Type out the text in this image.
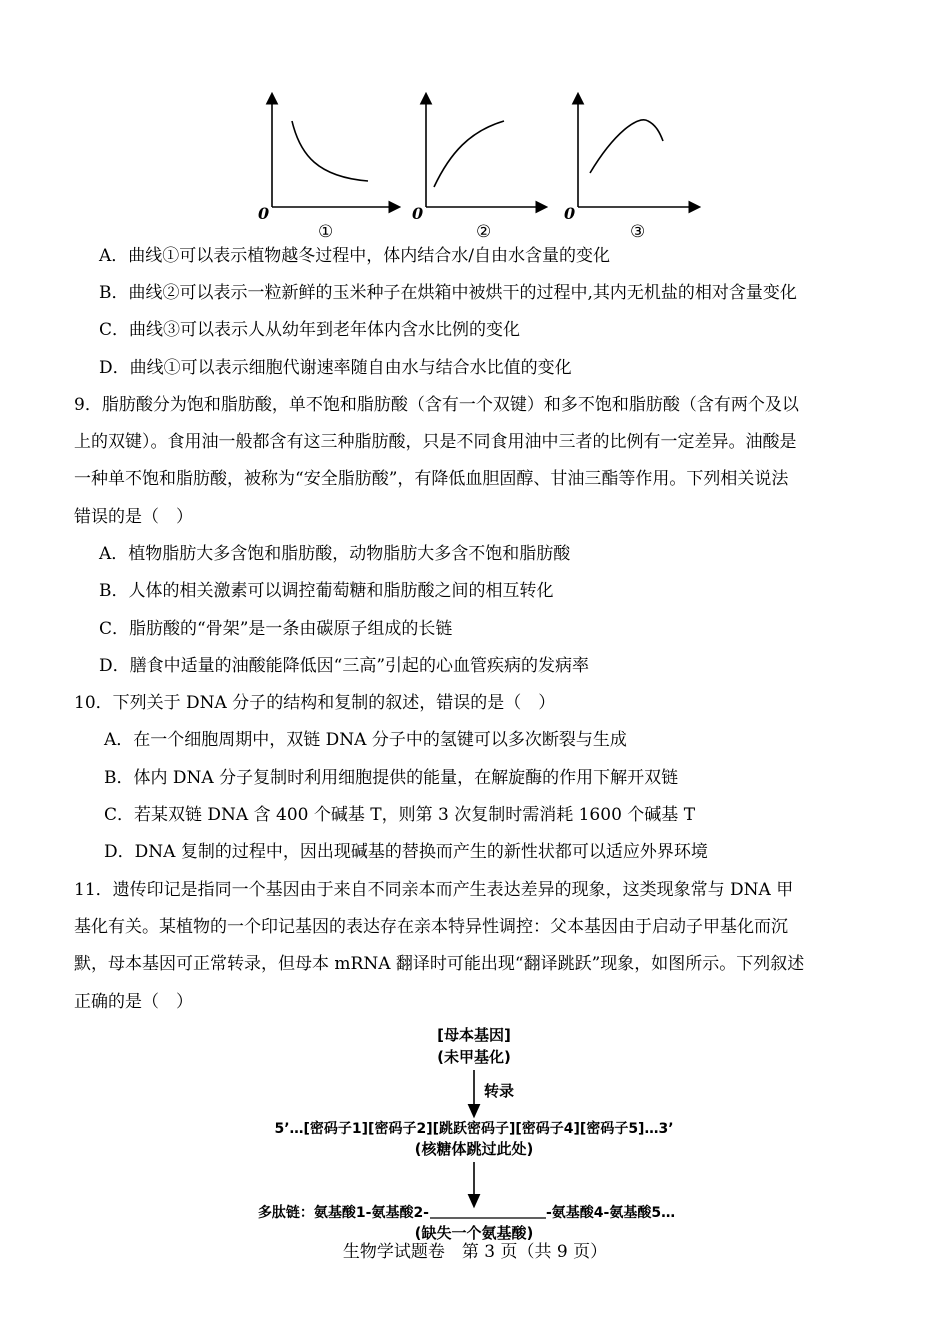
0
①
0
②
0
③
A．曲线①可以表示植物越冬过程中，体内结合水/自由水含量的变化
B．曲线②可以表示一粒新鲜的玉米种子在烘箱中被烘干的过程中,其内无机盐的相对含量变化
C．曲线③可以表示人从幼年到老年体内含水比例的变化
D．曲线①可以表示细胞代谢速率随自由水与结合水比值的变化
9．脂肪酸分为饱和脂肪酸，单不饱和脂肪酸（含有一个双键）和多不饱和脂肪酸（含有两个及以
上的双键）。食用油一般都含有这三种脂肪酸，只是不同食用油中三者的比例有一定差异。油酸是
一种单不饱和脂肪酸，被称为“安全脂肪酸”，有降低血胆固醇、甘油三酯等作用。下列相关说法
错误的是（　）
A．植物脂肪大多含饱和脂肪酸，动物脂肪大多含不饱和脂肪酸
B．人体的相关激素可以调控葡萄糖和脂肪酸之间的相互转化
C．脂肪酸的“骨架”是一条由碳原子组成的长链
D．膳食中适量的油酸能降低因“三高”引起的心血管疾病的发病率
10．下列关于 DNA 分子的结构和复制的叙述，错误的是（　）
A．在一个细胞周期中，双链 DNA 分子中的氢键可以多次断裂与生成
B．体内 DNA 分子复制时利用细胞提供的能量，在解旋酶的作用下解开双链
C．若某双链 DNA 含 400 个碱基 T，则第 3 次复制时需消耗 1600 个碱基 T
D．DNA 复制的过程中，因出现碱基的替换而产生的新性状都可以适应外界环境
11．遗传印记是指同一个基因由于来自不同亲本而产生表达差异的现象，这类现象常与 DNA 甲
基化有关。某植物的一个印记基因的表达存在亲本特异性调控：父本基因由于启动子甲基化而沉
默，母本基因可正常转录，但母本 mRNA 翻译时可能出现“翻译跳跃”现象，如图所示。下列叙述
正确的是（　）
[母本基因]
(未甲基化)
转录
5’…[密码子1][密码子2][跳跃密码子][密码子4][密码子5]…3’
(核糖体跳过此处)
多肽链：氨基酸1-氨基酸2-	-氨基酸4-氨基酸5…
(缺失一个氨基酸)
生物学试题卷　第 3 页（共 9 页）
